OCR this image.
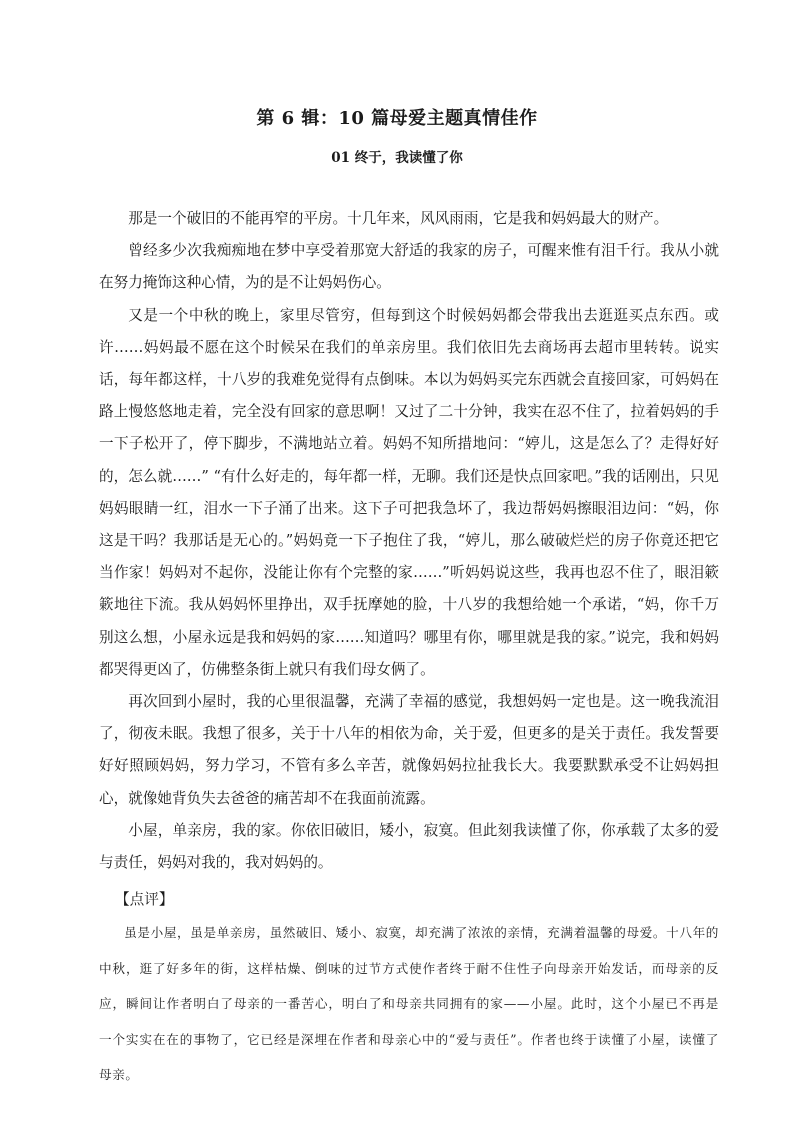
第 6 辑：10 篇母爱主题真情佳作
01 终于，我读懂了你

那是一个破旧的不能再窄的平房。十几年来，风风雨雨，它是我和妈妈最大的财产。

曾经多少次我痴痴地在梦中享受着那宽大舒适的我家的房子，可醒来惟有泪千行。我从小就在努力掩饰这种心情，为的是不让妈妈伤心。

又是一个中秋的晚上，家里尽管穷，但每到这个时候妈妈都会带我出去逛逛买点东西。或许……妈妈最不愿在这个时候呆在我们的单亲房里。我们依旧先去商场再去超市里转转。说实话，每年都这样，十八岁的我难免觉得有点倒味。本以为妈妈买完东西就会直接回家，可妈妈在路上慢悠悠地走着，完全没有回家的意思啊！又过了二十分钟，我实在忍不住了，拉着妈妈的手一下子松开了，停下脚步，不满地站立着。妈妈不知所措地问：“婷儿，这是怎么了？走得好好的，怎么就……” “有什么好走的，每年都一样，无聊。我们还是快点回家吧。”我的话刚出，只见妈妈眼睛一红，泪水一下子涌了出来。这下子可把我急坏了，我边帮妈妈擦眼泪边问：“妈，你这是干吗？我那话是无心的。”妈妈竟一下子抱住了我，“婷儿，那么破破烂烂的房子你竟还把它当作家！妈妈对不起你，没能让你有个完整的家……”听妈妈说这些，我再也忍不住了，眼泪簌簌地往下流。我从妈妈怀里挣出，双手抚摩她的脸，十八岁的我想给她一个承诺，“妈，你千万别这么想，小屋永远是我和妈妈的家……知道吗？哪里有你，哪里就是我的家。”说完，我和妈妈都哭得更凶了，仿佛整条街上就只有我们母女俩了。

再次回到小屋时，我的心里很温馨，充满了幸福的感觉，我想妈妈一定也是。这一晚我流泪了，彻夜未眠。我想了很多，关于十八年的相依为命，关于爱，但更多的是关于责任。我发誓要好好照顾妈妈，努力学习，不管有多么辛苦，就像妈妈拉扯我长大。我要默默承受不让妈妈担心，就像她背负失去爸爸的痛苦却不在我面前流露。

小屋，单亲房，我的家。你依旧破旧，矮小，寂寞。但此刻我读懂了你，你承载了太多的爱与责任，妈妈对我的，我对妈妈的。

【点评】

虽是小屋，虽是单亲房，虽然破旧、矮小、寂寞，却充满了浓浓的亲情，充满着温馨的母爱。十八年的中秋，逛了好多年的街，这样枯燥、倒味的过节方式使作者终于耐不住性子向母亲开始发话，而母亲的反应，瞬间让作者明白了母亲的一番苦心，明白了和母亲共同拥有的家——小屋。此时，这个小屋已不再是一个实实在在的事物了，它已经是深埋在作者和母亲心中的“爱与责任”。作者也终于读懂了小屋，读懂了母亲。
